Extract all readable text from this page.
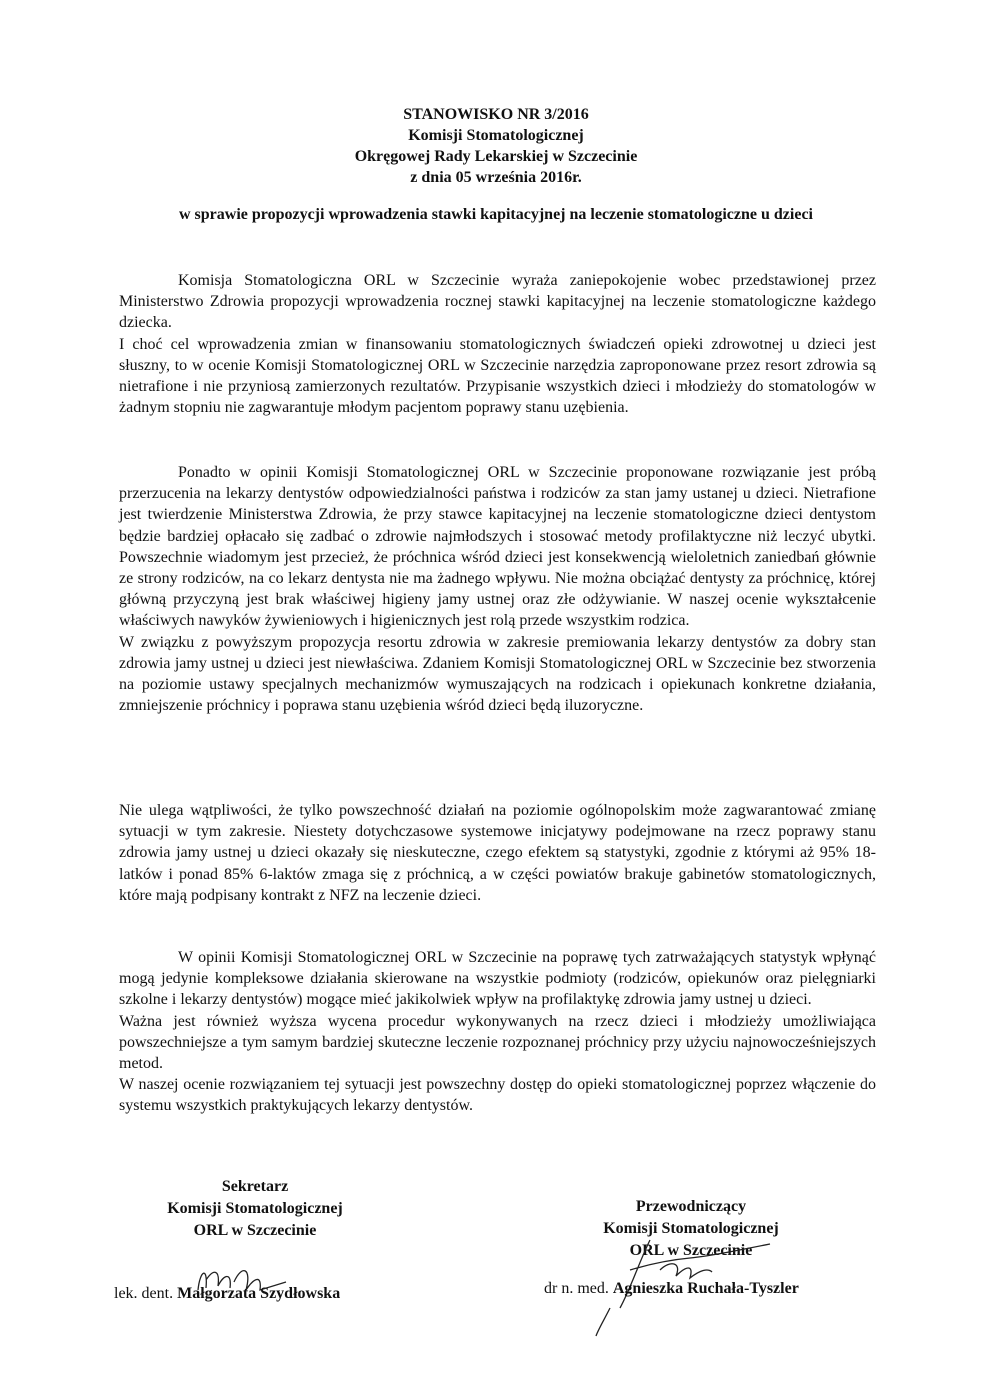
STANOWISKO NR 3/2016
Komisji Stomatologicznej
Okręgowej Rady Lekarskiej w Szczecinie
z dnia 05 września 2016r.
w sprawie propozycji wprowadzenia stawki kapitacyjnej na leczenie stomatologiczne u dzieci

Komisja Stomatologiczna ORL w Szczecinie wyraża zaniepokojenie wobec przedstawionej przez Ministerstwo Zdrowia propozycji wprowadzenia rocznej stawki kapitacyjnej na leczenie stomatologiczne każdego dziecka.

I choć cel wprowadzenia zmian w finansowaniu stomatologicznych świadczeń opieki zdrowotnej u dzieci jest słuszny, to w ocenie Komisji Stomatologicznej ORL w Szczecinie narzędzia zaproponowane przez resort zdrowia są nietrafione i nie przyniosą zamierzonych rezultatów. Przypisanie wszystkich dzieci i młodzieży do stomatologów w żadnym stopniu nie zagwarantuje młodym pacjentom poprawy stanu uzębienia.

Ponadto w opinii Komisji Stomatologicznej ORL w Szczecinie proponowane rozwiązanie jest próbą przerzucenia na lekarzy dentystów odpowiedzialności państwa i rodziców za stan jamy ustanej u dzieci. Nietrafione jest twierdzenie Ministerstwa Zdrowia, że przy stawce kapitacyjnej na leczenie stomatologiczne dzieci dentystom będzie bardziej opłacało się zadbać o zdrowie najmłodszych i stosować metody profilaktyczne niż leczyć ubytki. Powszechnie wiadomym jest przecież, że próchnica wśród dzieci jest konsekwencją wieloletnich zaniedbań głównie ze strony rodziców, na co lekarz dentysta nie ma żadnego wpływu. Nie można obciążać dentysty za próchnicę, której główną przyczyną jest brak właściwej higieny jamy ustnej oraz złe odżywianie. W naszej ocenie wykształcenie właściwych nawyków żywieniowych i higienicznych jest rolą przede wszystkim rodzica.

W związku z powyższym propozycja resortu zdrowia w zakresie premiowania lekarzy dentystów za dobry stan zdrowia jamy ustnej u dzieci jest niewłaściwa. Zdaniem Komisji Stomatologicznej ORL w Szczecinie bez stworzenia na poziomie ustawy specjalnych mechanizmów wymuszających na rodzicach i opiekunach konkretne działania, zmniejszenie próchnicy i poprawa stanu uzębienia wśród dzieci będą iluzoryczne.

Nie ulega wątpliwości, że tylko powszechność działań na poziomie ogólnopolskim może zagwarantować zmianę sytuacji w tym zakresie. Niestety dotychczasowe systemowe inicjatywy podejmowane na rzecz poprawy stanu zdrowia jamy ustnej u dzieci okazały się nieskuteczne, czego efektem są statystyki, zgodnie z którymi aż 95% 18-latków i ponad 85% 6-laktów zmaga się z próchnicą, a w części powiatów brakuje gabinetów stomatologicznych, które mają podpisany kontrakt z NFZ na leczenie dzieci.

W opinii Komisji Stomatologicznej ORL w Szczecinie na poprawę tych zatrważających statystyk wpłynąć mogą jedynie kompleksowe działania skierowane na wszystkie podmioty (rodziców, opiekunów oraz pielęgniarki szkolne i lekarzy dentystów) mogące mieć jakikolwiek wpływ na profilaktykę zdrowia jamy ustnej u dzieci.

Ważna jest również wyższa wycena procedur wykonywanych na rzecz dzieci i młodzieży umożliwiająca powszechniejsze a tym samym bardziej skuteczne leczenie rozpoznanej próchnicy przy użyciu najnowocześniejszych metod.

W naszej ocenie rozwiązaniem tej sytuacji jest powszechny dostęp do opieki stomatologicznej poprzez włączenie do systemu wszystkich praktykujących lekarzy dentystów.

Sekretarz
Komisji Stomatologicznej
ORL w Szczecinie
lek. dent. Małgorzata Szydłowska
Przewodniczący
Komisji Stomatologicznej
ORL w Szczecinie
dr n. med. Agnieszka Ruchała-Tyszler
